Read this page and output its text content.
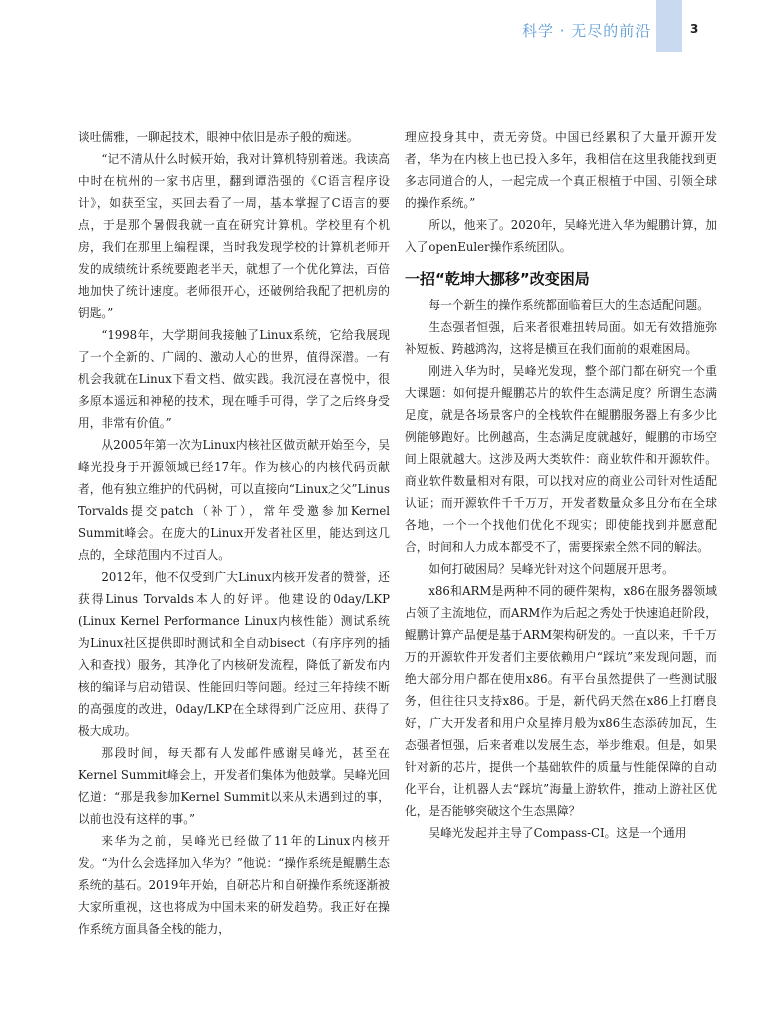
科学 · 无尽的前沿	3

谈吐儒雅，一聊起技术，眼神中依旧是赤子般的痴迷。

“记不清从什么时候开始，我对计算机特别着迷。我读高中时在杭州的一家书店里，翻到谭浩强的《C语言程序设计》，如获至宝，买回去看了一周，基本掌握了C语言的要点，于是那个暑假我就一直在研究计算机。学校里有个机房，我们在那里上编程课，当时我发现学校的计算机老师开发的成绩统计系统要跑老半天，就想了一个优化算法，百倍地加快了统计速度。老师很开心，还破例给我配了把机房的钥匙。”

“1998年，大学期间我接触了Linux系统，它给我展现了一个全新的、广阔的、激动人心的世界，值得深潜。一有机会我就在Linux下看文档、做实践。我沉浸在喜悦中，很多原本遥远和神秘的技术，现在唾手可得，学了之后终身受用，非常有价值。”

从2005年第一次为Linux内核社区做贡献开始至今，吴峰光投身于开源领域已经17年。作为核心的内核代码贡献者，他有独立维护的代码树，可以直接向“Linux之父”Linus Torvalds提交patch（补丁），常年受邀参加Kernel Summit峰会。在庞大的Linux开发者社区里，能达到这几点的，全球范围内不过百人。

2012年，他不仅受到广大Linux内核开发者的赞誉，还获得Linus Torvalds本人的好评。他建设的0day/LKP (Linux Kernel Performance Linux内核性能）测试系统为Linux社区提供即时测试和全自动bisect（有序序列的插入和查找）服务，其净化了内核研发流程，降低了新发布内核的编译与启动错误、性能回归等问题。经过三年持续不断的高强度的改进，0day/LKP在全球得到广泛应用、获得了极大成功。

那段时间，每天都有人发邮件感谢吴峰光，甚至在Kernel Summit峰会上，开发者们集体为他鼓掌。吴峰光回忆道：“那是我参加Kernel Summit以来从未遇到过的事，以前也没有这样的事。”

来华为之前，吴峰光已经做了11年的Linux内核开发。“为什么会选择加入华为？”他说：“操作系统是鲲鹏生态系统的基石。2019年开始，自研芯片和自研操作系统逐渐被大家所重视，这也将成为中国未来的研发趋势。我正好在操作系统方面具备全栈的能力，

理应投身其中，责无旁贷。中国已经累积了大量开源开发者，华为在内核上也已投入多年，我相信在这里我能找到更多志同道合的人，一起完成一个真正根植于中国、引领全球的操作系统。”

所以，他来了。2020年，吴峰光进入华为鲲鹏计算，加入了openEuler操作系统团队。

一招“乾坤大挪移”改变困局

每一个新生的操作系统都面临着巨大的生态适配问题。

生态强者恒强，后来者很难扭转局面。如无有效措施弥补短板、跨越鸿沟，这将是横亘在我们面前的艰难困局。

刚进入华为时，吴峰光发现，整个部门都在研究一个重大课题：如何提升鲲鹏芯片的软件生态满足度？所谓生态满足度，就是各场景客户的全栈软件在鲲鹏服务器上有多少比例能够跑好。比例越高，生态满足度就越好，鲲鹏的市场空间上限就越大。这涉及两大类软件：商业软件和开源软件。商业软件数量相对有限，可以找对应的商业公司针对性适配认证；而开源软件千千万万，开发者数量众多且分布在全球各地，一个一个找他们优化不现实；即使能找到并愿意配合，时间和人力成本都受不了，需要探索全然不同的解法。

如何打破困局？吴峰光针对这个问题展开思考。

x86和ARM是两种不同的硬件架构，x86在服务器领域占领了主流地位，而ARM作为后起之秀处于快速追赶阶段，鲲鹏计算产品便是基于ARM架构研发的。一直以来，千千万万的开源软件开发者们主要依赖用户“踩坑”来发现问题，而绝大部分用户都在使用x86。有平台虽然提供了一些测试服务，但往往只支持x86。于是，新代码天然在x86上打磨良好，广大开发者和用户众星捧月般为x86生态添砖加瓦，生态强者恒强，后来者难以发展生态，举步维艰。但是，如果针对新的芯片，提供一个基础软件的质量与性能保障的自动化平台，让机器人去“踩坑”海量上游软件，推动上游社区优化，是否能够突破这个生态黑障？

吴峰光发起并主导了Compass-CI。这是一个通用
